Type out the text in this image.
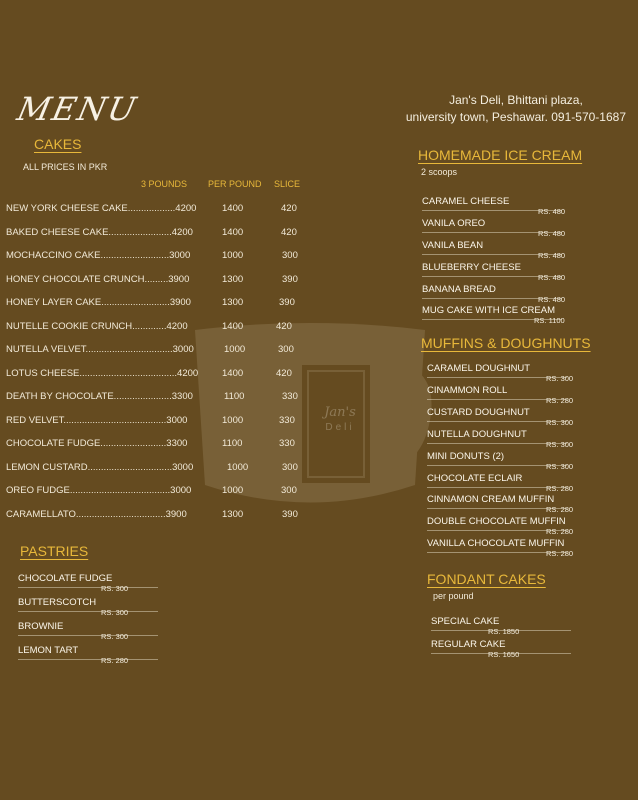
Jan's
Deli
MENU	Jan's Deli, Bhittani plaza,
university town, Peshawar. 091-570-1687
CAKES
ALL PRICES IN PKR
3 POUNDS PER POUND SLICE
NEW YORK CHEESE CAKE..................4200	1400	420
BAKED CHEESE CAKE........................4200	1400	420
MOCHACCINO CAKE..........................3000	1000	300
HONEY CHOCOLATE CRUNCH.........3900	1300	390
HONEY LAYER CAKE..........................3900	1300	390
NUTELLE COOKIE CRUNCH.............4200	1400	420
NUTELLA VELVET.................................3000	1000	300
LOTUS CHEESE.....................................4200	1400	420
DEATH BY CHOCOLATE......................3300	1100	330
RED VELVET.......................................3000	1000	330
CHOCOLATE FUDGE.........................3300	1100	330
LEMON CUSTARD................................3000	1000	300
OREO FUDGE......................................3000	1000	300
CARAMELLATO..................................3900	1300	390
PASTRIES
CHOCOLATE FUDGE
RS. 300
BUTTERSCOTCH
RS. 300
BROWNIE
RS. 300
LEMON TART
RS. 280
HOMEMADE ICE CREAM
2 scoops
CARAMEL CHEESE
RS. 480
VANILA OREO
RS. 480
VANILA BEAN
RS. 480
BLUEBERRY CHEESE
RS. 480
BANANA BREAD
RS. 480
MUG CAKE WITH ICE CREAM
RS. 1100
MUFFINS & DOUGHNUTS
CARAMEL DOUGHNUT
RS. 300
CINAMMON ROLL
RS. 280
CUSTARD DOUGHNUT
RS. 300
NUTELLA DOUGHNUT
RS. 300
MINI DONUTS (2)
RS. 300
CHOCOLATE ECLAIR
RS. 280
CINNAMON CREAM MUFFIN
RS. 280
DOUBLE CHOCOLATE MUFFIN
RS. 280
VANILLA CHOCOLATE MUFFIN
RS. 280
FONDANT CAKES
per pound
SPECIAL CAKE
RS. 1850
REGULAR CAKE
RS. 1650
